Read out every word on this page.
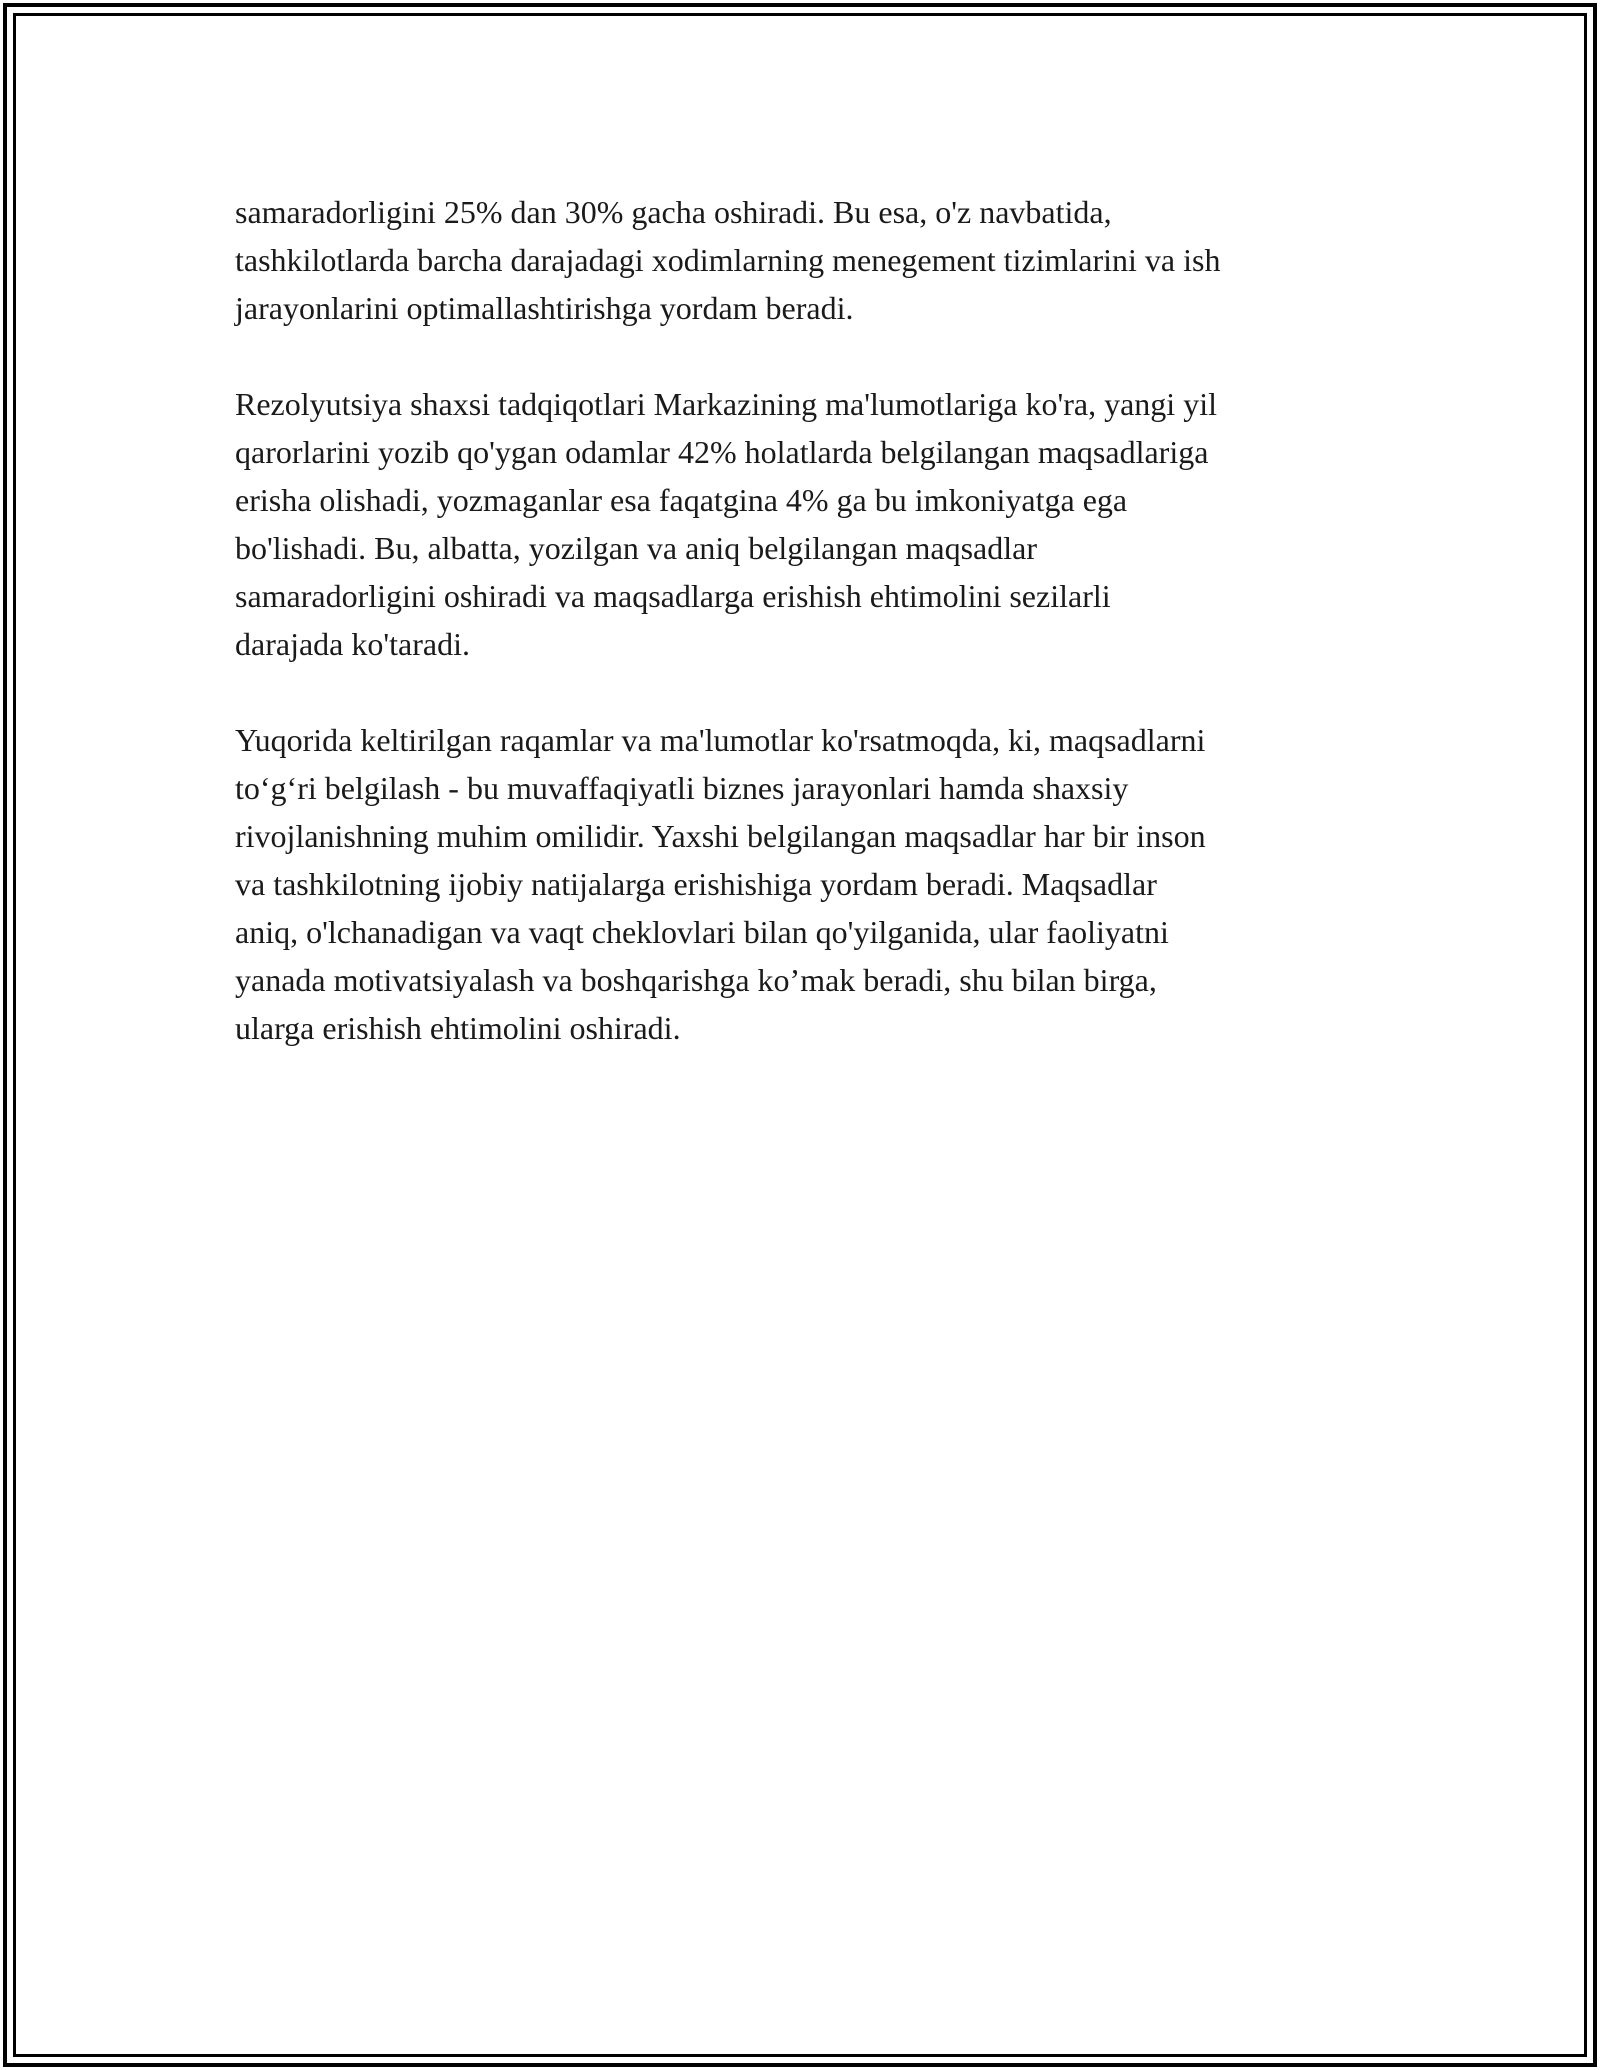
samaradorligini 25% dan 30% gacha oshiradi. Bu esa, o'z navbatida,
tashkilotlarda barcha darajadagi xodimlarning menegement tizimlarini va ish
jarayonlarini optimallashtirishga yordam beradi.

Rezolyutsiya shaxsi tadqiqotlari Markazining ma'lumotlariga ko'ra, yangi yil
qarorlarini yozib qo'ygan odamlar 42% holatlarda belgilangan maqsadlariga
erisha olishadi, yozmaganlar esa faqatgina 4% ga bu imkoniyatga ega
bo'lishadi. Bu, albatta, yozilgan va aniq belgilangan maqsadlar
samaradorligini oshiradi va maqsadlarga erishish ehtimolini sezilarli
darajada ko'taradi.

Yuqorida keltirilgan raqamlar va ma'lumotlar ko'rsatmoqda, ki, maqsadlarni
to‘g‘ri belgilash - bu muvaffaqiyatli biznes jarayonlari hamda shaxsiy
rivojlanishning muhim omilidir. Yaxshi belgilangan maqsadlar har bir inson
va tashkilotning ijobiy natijalarga erishishiga yordam beradi. Maqsadlar
aniq, o'lchanadigan va vaqt cheklovlari bilan qo'yilganida, ular faoliyatni
yanada motivatsiyalash va boshqarishga ko’mak beradi, shu bilan birga,
ularga erishish ehtimolini oshiradi.
